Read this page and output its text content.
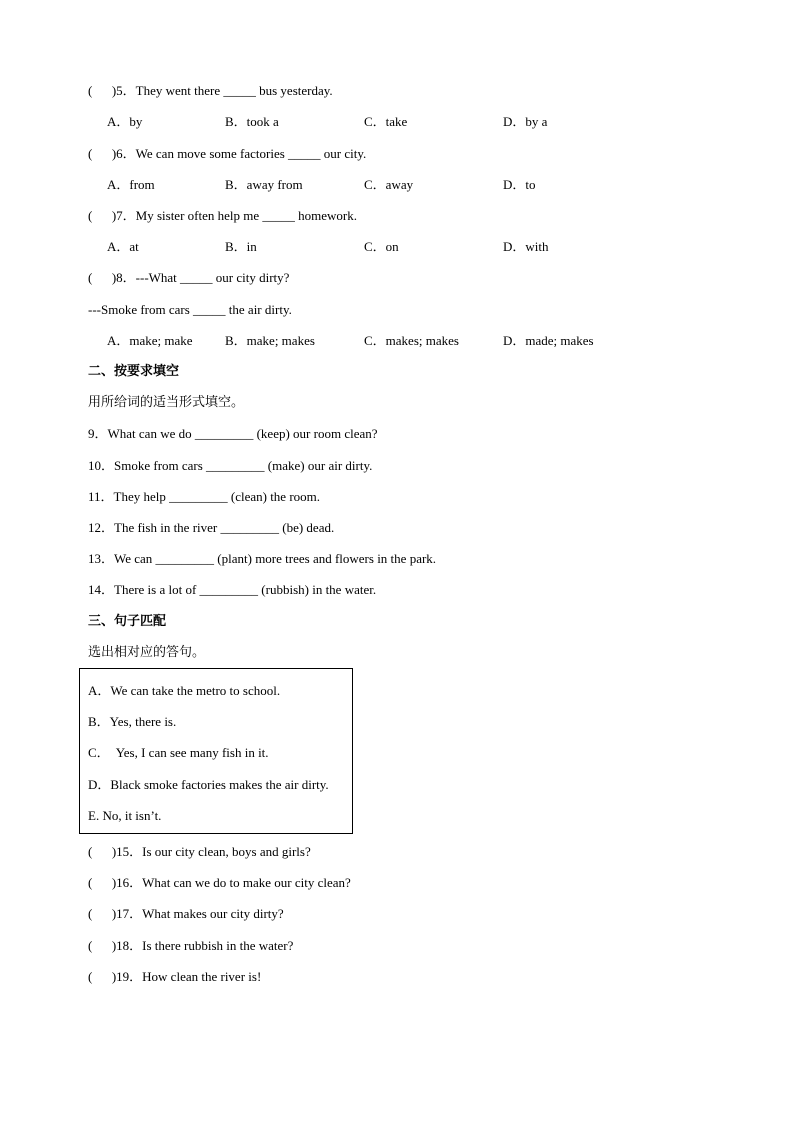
(      )5．They went there _____ bus yesterday.
A．by	B．took a	C．take	D．by a
(      )6．We can move some factories _____ our city.
A．from	B．away from	C．away	D．to
(      )7．My sister often help me _____ homework.
A．at	B．in	C．on	D．with
(      )8．---What _____ our city dirty?
---Smoke from cars _____ the air dirty.
A．make; make B．make; makes	C．makes; makes	D．made; makes
二、按要求填空
用所给词的适当形式填空。
9．What can we do _________ (keep) our room clean?
10．Smoke from cars _________ (make) our air dirty.
11．They help _________ (clean) the room.
12．The fish in the river _________ (be) dead.
13．We can _________ (plant) more trees and flowers in the park.
14．There is a lot of _________ (rubbish) in the water.
三、句子匹配
选出相对应的答句。
A．We can take the metro to school.
B．Yes, there is.
C．  Yes, I can see many fish in it.
D．Black smoke factories makes the air dirty.
E. No, it isn’t.
(      )15．Is our city clean, boys and girls?
(      )16．What can we do to make our city clean?
(      )17．What makes our city dirty?
(      )18．Is there rubbish in the water?
(      )19．How clean the river is!
